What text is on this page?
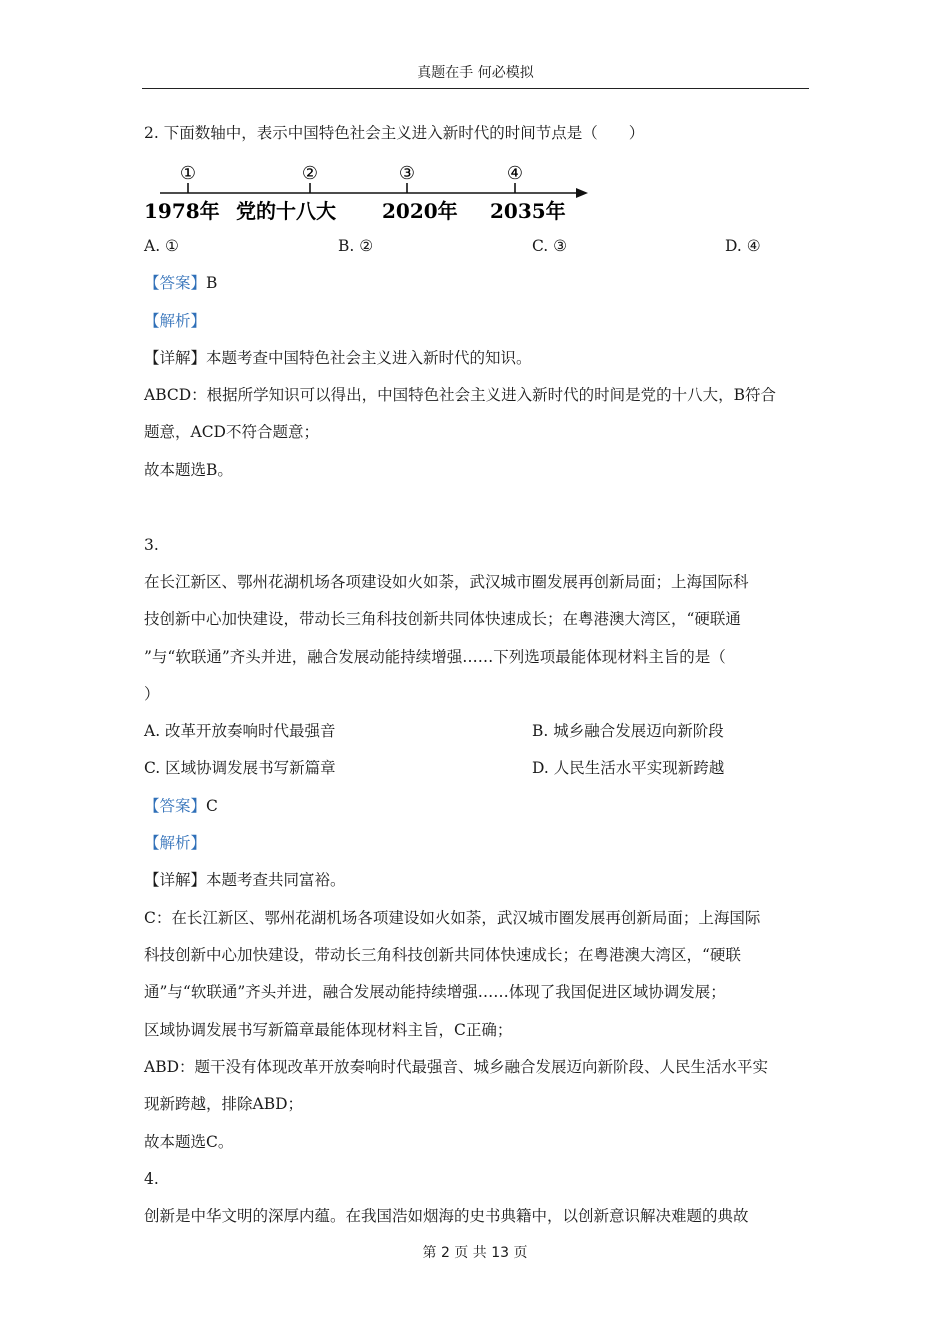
真题在手 何必模拟
2. 下面数轴中，表示中国特色社会主义进入新时代的时间节点是（　　）
①	②	③	④
1978年 党的十八大 2020年 2035年
A. ①	B. ②	C. ③	D. ④
【答案】B
【解析】
【详解】本题考查中国特色社会主义进入新时代的知识。
ABCD：根据所学知识可以得出，中国特色社会主义进入新时代的时间是党的十八大，B符合
题意，ACD不符合题意；
故本题选B。
3.
在长江新区、鄂州花湖机场各项建设如火如荼，武汉城市圈发展再创新局面；上海国际科
技创新中心加快建设，带动长三角科技创新共同体快速成长；在粤港澳大湾区，“硬联通
”与“软联通”齐头并进，融合发展动能持续增强……下列选项最能体现材料主旨的是（
）
A. 改革开放奏响时代最强音	B. 城乡融合发展迈向新阶段
C. 区域协调发展书写新篇章	D. 人民生活水平实现新跨越
【答案】C
【解析】
【详解】本题考查共同富裕。
C：在长江新区、鄂州花湖机场各项建设如火如荼，武汉城市圈发展再创新局面；上海国际
科技创新中心加快建设，带动长三角科技创新共同体快速成长；在粤港澳大湾区，“硬联
通”与“软联通”齐头并进，融合发展动能持续增强……体现了我国促进区域协调发展；
区域协调发展书写新篇章最能体现材料主旨，C正确；
ABD：题干没有体现改革开放奏响时代最强音、城乡融合发展迈向新阶段、人民生活水平实
现新跨越，排除ABD；
故本题选C。
4.
创新是中华文明的深厚内蕴。在我国浩如烟海的史书典籍中，以创新意识解决难题的典故
第 2 页 共 13 页
